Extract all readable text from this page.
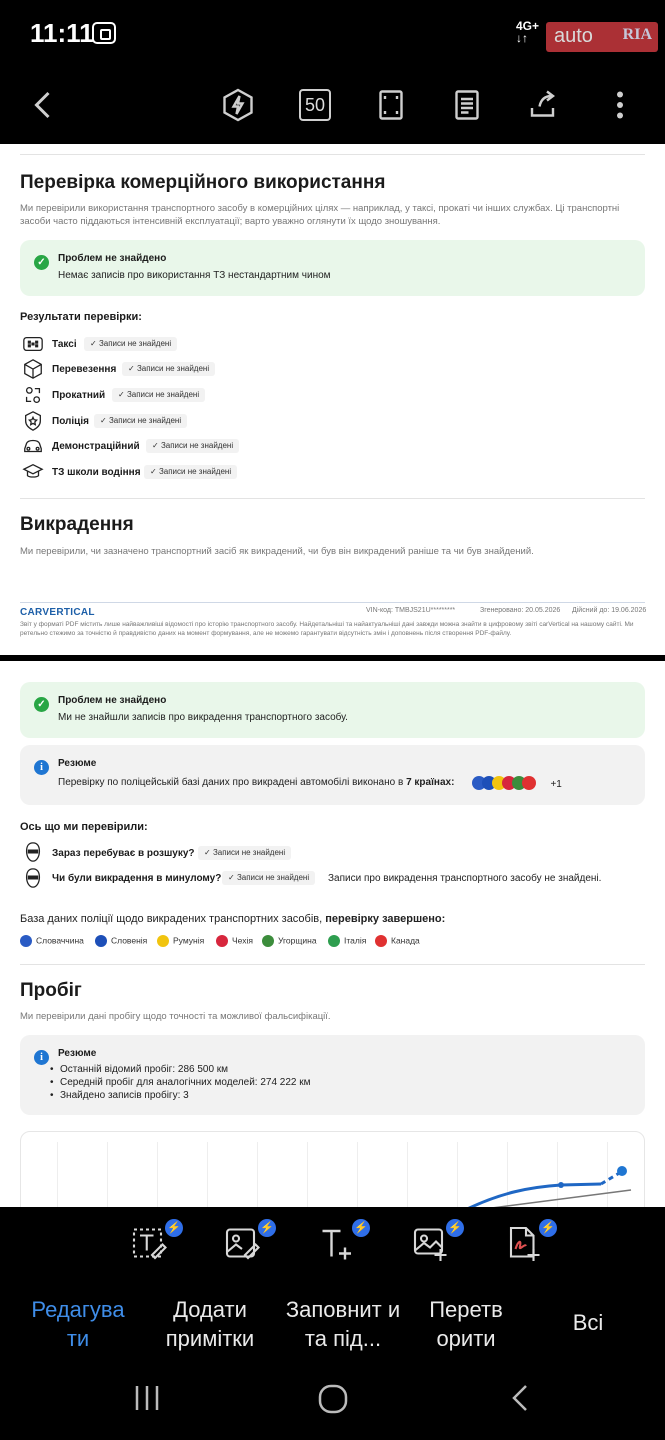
11:11	4G+
↓↑	auto RIA
50
Перевірка комерційного використання
Ми перевірили використання транспортного засобу в комерційних цілях — наприклад, у таксі, прокаті чи інших службах. Ці транспортні засоби часто піддаються інтенсивній експлуатації; варто уважно оглянути їх щодо зношування.
✓	Проблем не знайдено
Немає записів про використання ТЗ нестандартним чином
Результати перевірки:
Таксі	✓ Записи не знайдені
Перевезення	✓ Записи не знайдені
Прокатний	✓ Записи не знайдені
Поліція	✓ Записи не знайдені
Демонстраційний	✓ Записи не знайдені
ТЗ школи водіння	✓ Записи не знайдені
Викрадення
Ми перевірили, чи зазначено транспортний засіб як викрадений, чи був він викрадений раніше та чи був знайдений.
CARVERTICAL	VIN-код: TMBJS21U*********	Згенеровано: 20.05.2026 Дійсний до: 19.06.2026
Звіт у форматі PDF містить лише найважливіші відомості про історію транспортного засобу. Найдетальніші та найактуальніші дані завжди можна знайти в цифровому звіті carVertical на нашому сайті. Ми ретельно стежимо за точністю й правдивістю даних на момент формування, але не можемо гарантувати відсутність змін і доповнень після створення PDF-файлу.
✓	Проблем не знайдено
Ми не знайшли записів про викрадення транспортного засобу.
i	Резюме
Перевірку по поліцейській базі даних про викрадені автомобілі виконано в 7 країнах:	+1
Ось що ми перевірили:
Зараз перебуває в розшуку?	✓ Записи не знайдені
Чи були викрадення в минулому?	✓ Записи не знайдені	Записи про викрадення транспортного засобу не знайдені.
База даних поліції щодо викрадених транспортних засобів, перевірку завершено:
Словаччина	Словенія	Румунія	Чехія	Угорщина	Італія	Канада
Пробіг
Ми перевірили дані пробігу щодо точності та можливої фальсифікації.
i	Резюме
• Останній відомий пробіг: 286 500 км
• Середній пробіг для аналогічних моделей: 274 222 км
• Знайдено записів пробігу: 3
⚡	⚡	⚡	⚡	⚡
Редагува ти
Додати примітки
Заповнит и та під...
Перетв орити
Всі
